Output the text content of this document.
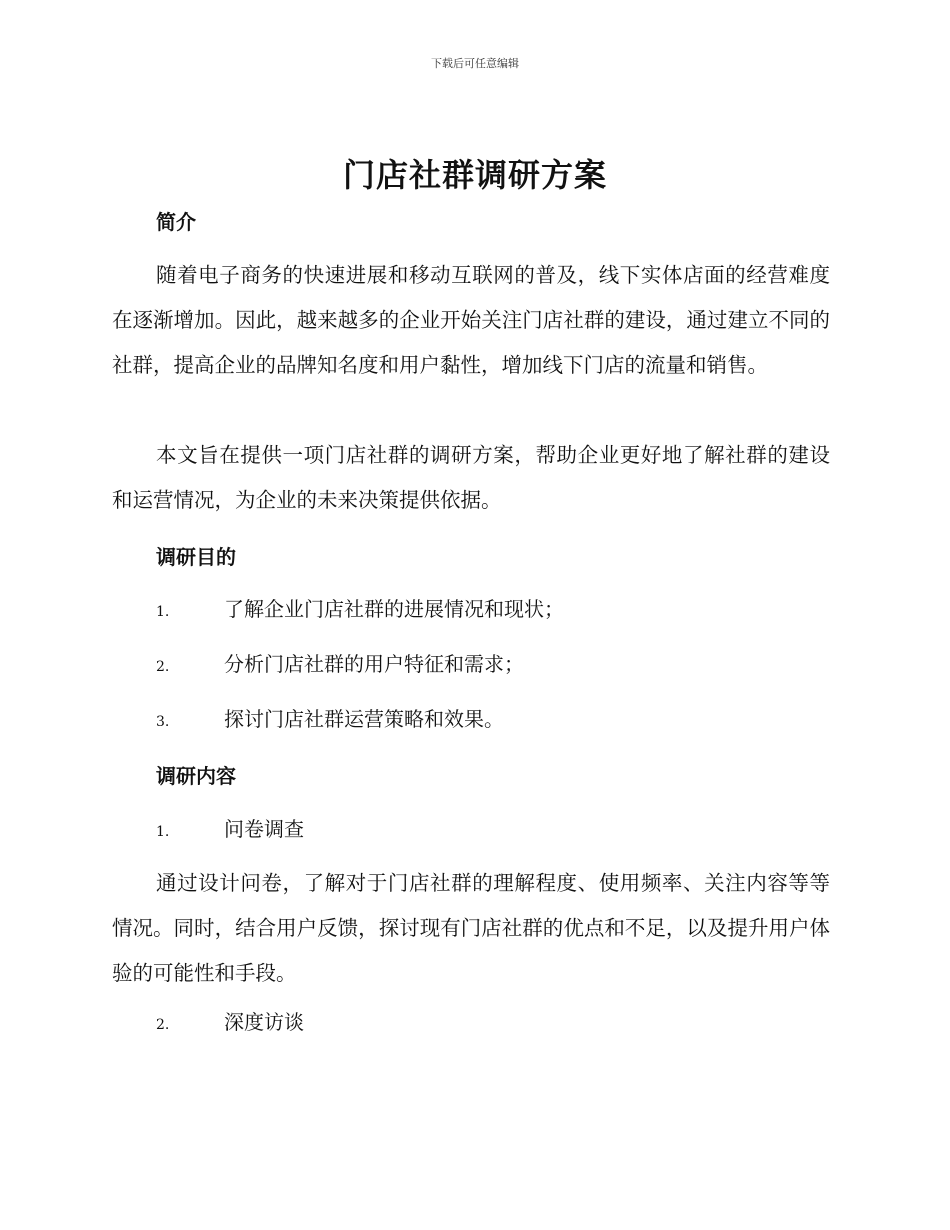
下载后可任意编辑
门店社群调研方案
简介
随着电子商务的快速进展和移动互联网的普及，线下实体店面的经营难度在逐渐增加。因此，越来越多的企业开始关注门店社群的建设，通过建立不同的社群，提高企业的品牌知名度和用户黏性，增加线下门店的流量和销售。
本文旨在提供一项门店社群的调研方案，帮助企业更好地了解社群的建设和运营情况，为企业的未来决策提供依据。
调研目的
1.	了解企业门店社群的进展情况和现状；
2.	分析门店社群的用户特征和需求；
3.	探讨门店社群运营策略和效果。
调研内容
1.	问卷调查
通过设计问卷，了解对于门店社群的理解程度、使用频率、关注内容等等情况。同时，结合用户反馈，探讨现有门店社群的优点和不足，以及提升用户体验的可能性和手段。
2.	深度访谈
